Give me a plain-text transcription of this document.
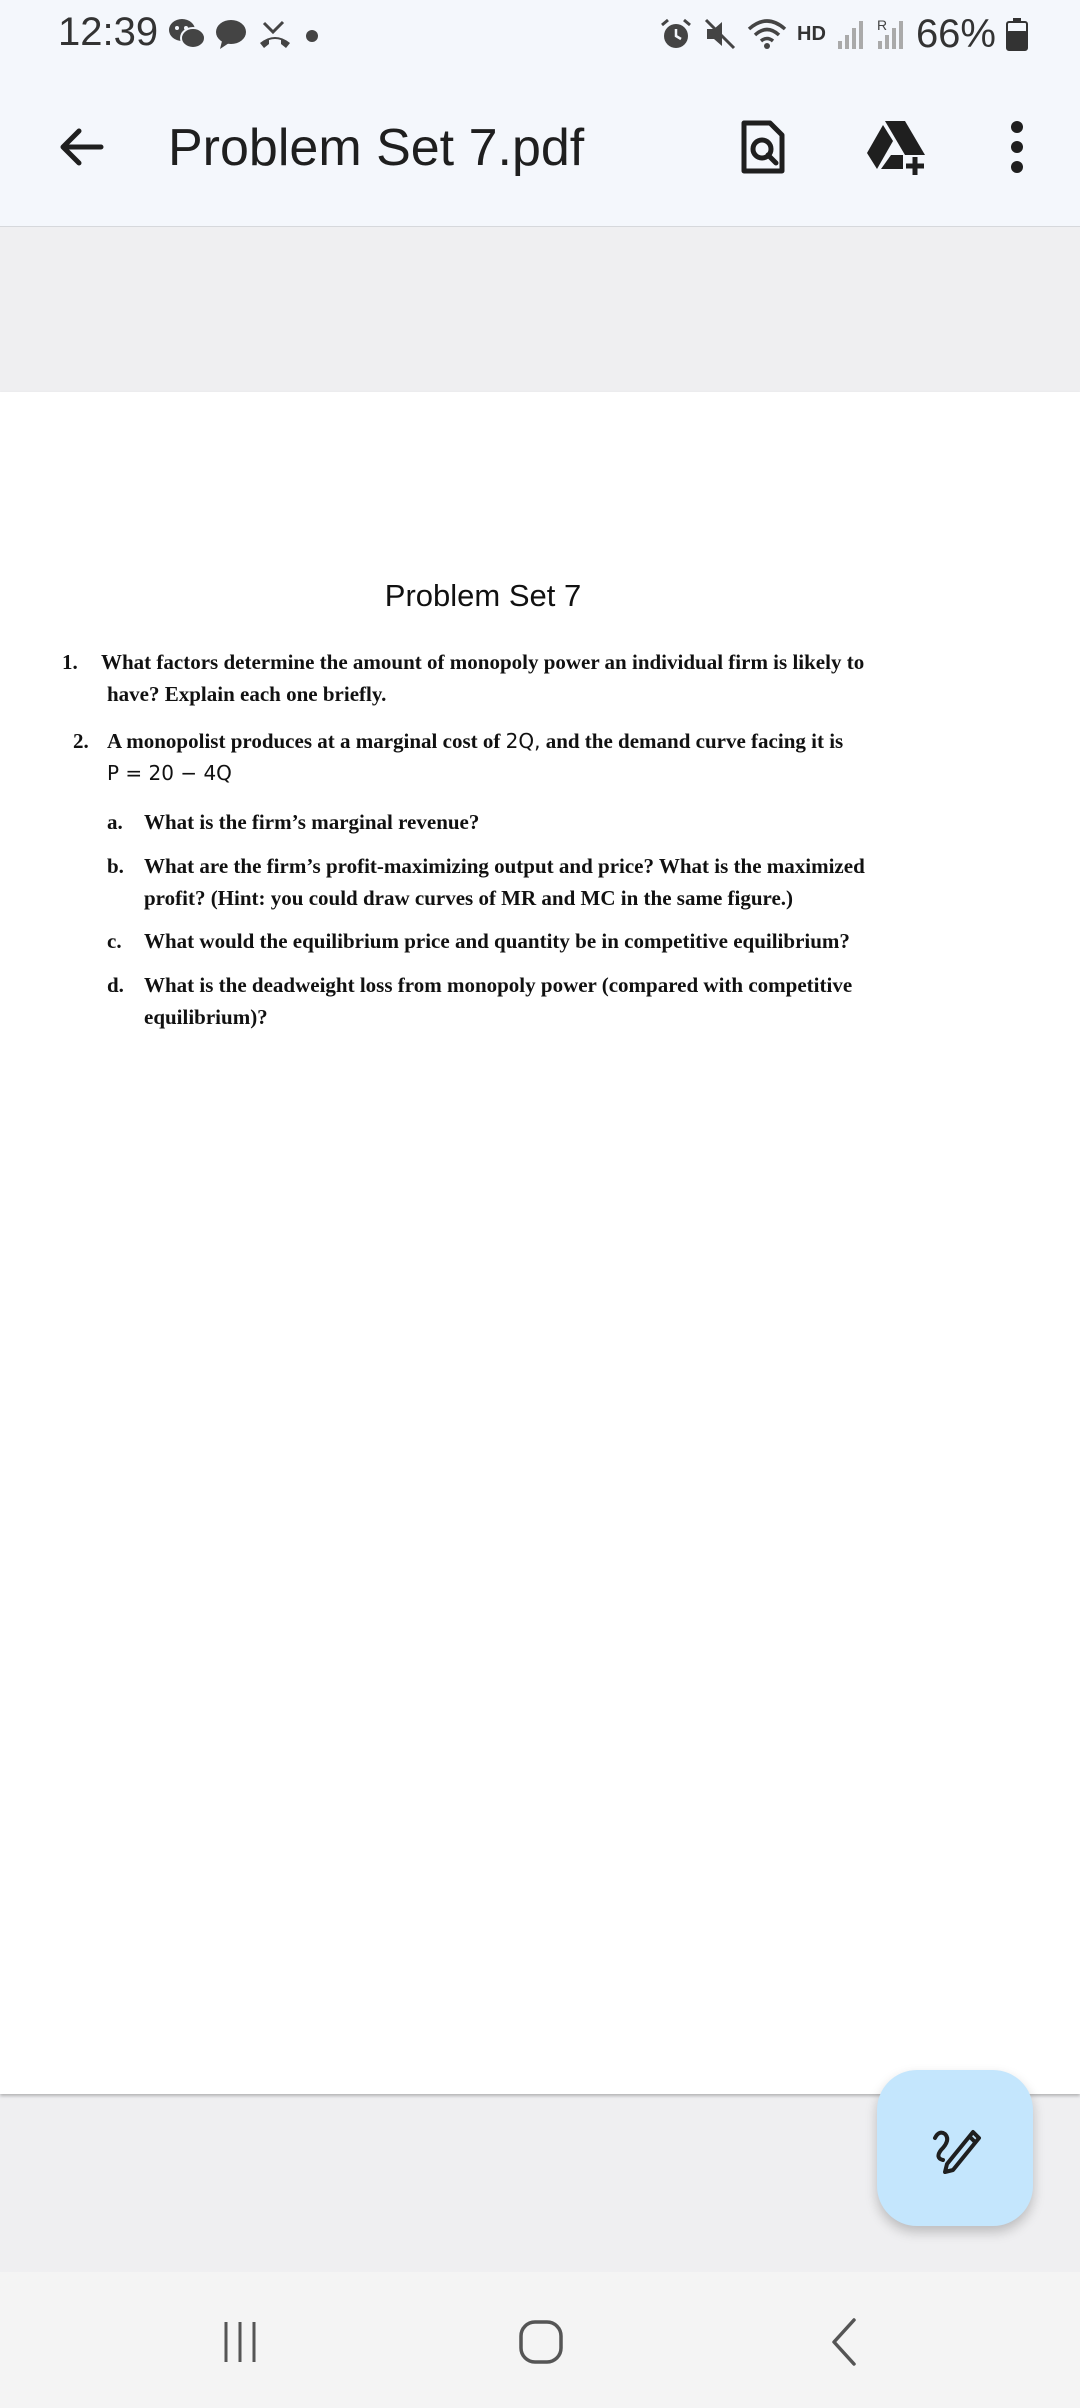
12:39	HD	R 66%
Problem Set 7.pdf
Problem Set 7
1. What factors determine the amount of monopoly power an individual firm is likely to
have? Explain each one briefly.
2. A monopolist produces at a marginal cost of 2Q, and the demand curve facing it is
P = 20 − 4Q
a. What is the firm’s marginal revenue?
b. What are the firm’s profit-maximizing output and price? What is the maximized
profit? (Hint: you could draw curves of MR and MC in the same figure.)
c. What would the equilibrium price and quantity be in competitive equilibrium?
d. What is the deadweight loss from monopoly power (compared with competitive
equilibrium)?
